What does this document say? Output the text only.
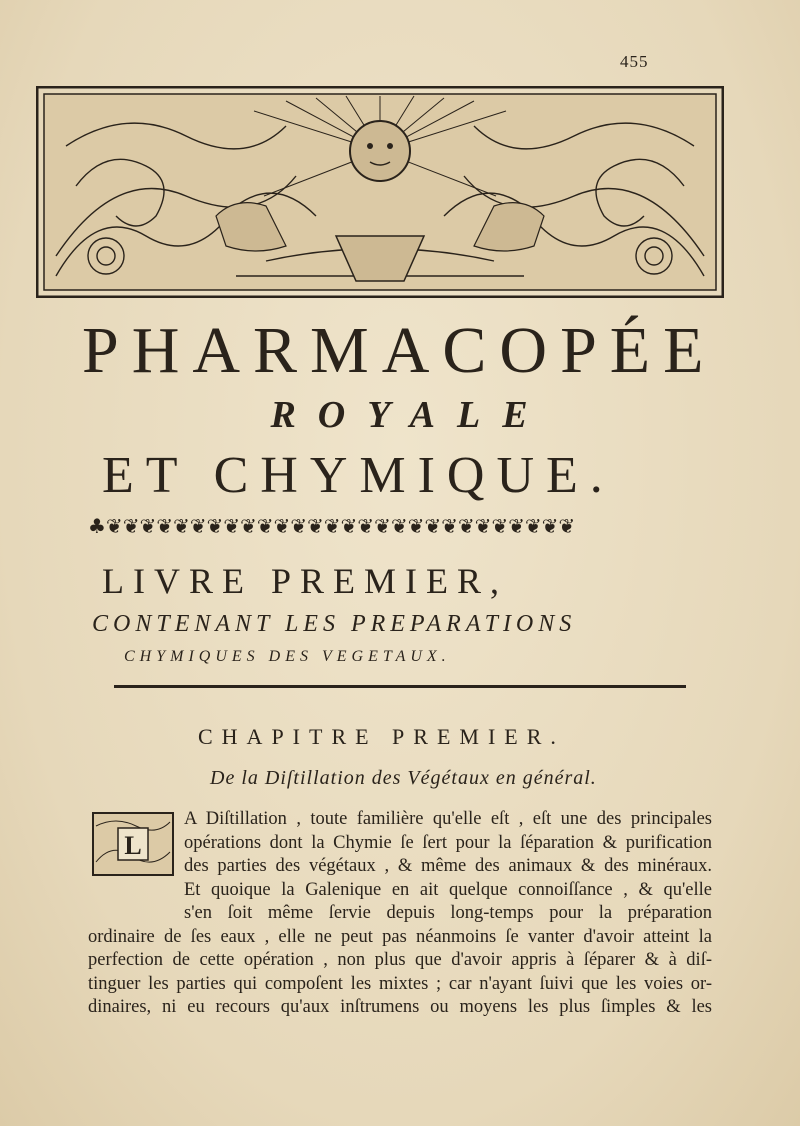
455
PHARMACOPÉE
ROYALE
ET CHYMIQUE.
♣❦❦❦❦❦❦❦❦❦❦❦❦❦❦❦❦❦❦❦❦❦❦❦❦❦❦❦❦
LIVRE PREMIER,
CONTENANT LES PREPARATIONS
CHYMIQUES DES VEGETAUX.
CHAPITRE PREMIER.
De la Diſtillation des Végétaux en général.
L
A Diſtillation , toute familière qu'elle eſt , eſt une des principales
opérations dont la Chymie ſe ſert pour la ſéparation & purification
des parties des végétaux , & même des animaux & des minéraux.
Et quoique la Galenique en ait quelque connoiſſance , & qu'elle
s'en ſoit même ſervie depuis long-temps pour la préparation
ordinaire de ſes eaux , elle ne peut pas néanmoins ſe vanter d'avoir atteint la
perfection de cette opération , non plus que d'avoir appris à ſéparer & à diſ-
tinguer les parties qui compoſent les mixtes ; car n'ayant ſuivi que les voies or-
dinaires, ni eu recours qu'aux inſtrumens ou moyens les plus ſimples & les
